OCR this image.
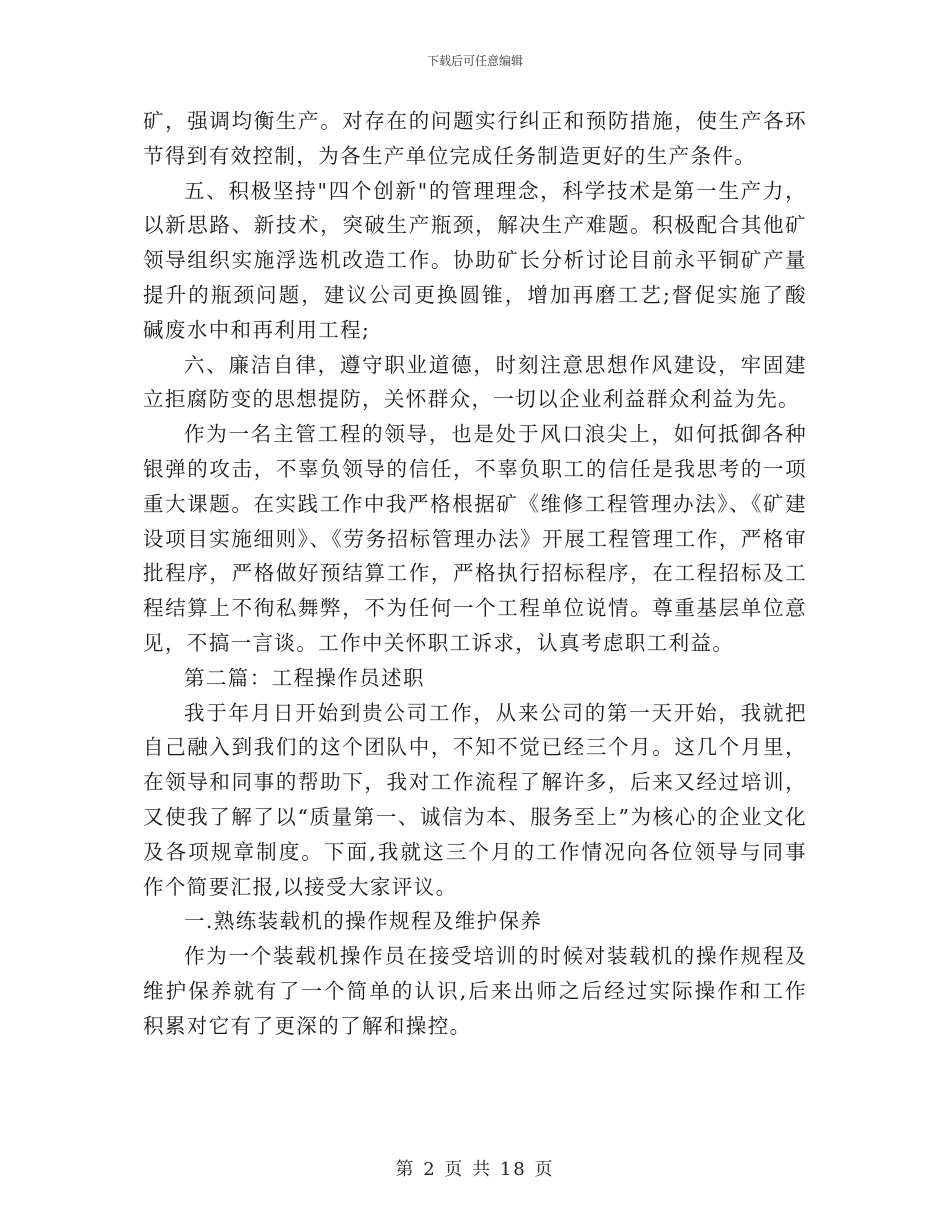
下载后可任意编辑

矿，强调均衡生产。对存在的问题实行纠正和预防措施，使生产各环节得到有效控制，为各生产单位完成任务制造更好的生产条件。

五、积极坚持"四个创新"的管理理念，科学技术是第一生产力，以新思路、新技术，突破生产瓶颈，解决生产难题。积极配合其他矿领导组织实施浮选机改造工作。协助矿长分析讨论目前永平铜矿产量提升的瓶颈问题，建议公司更换圆锥，增加再磨工艺;督促实施了酸碱废水中和再利用工程;

六、廉洁自律，遵守职业道德，时刻注意思想作风建设，牢固建立拒腐防变的思想提防，关怀群众，一切以企业利益群众利益为先。

作为一名主管工程的领导，也是处于风口浪尖上，如何抵御各种银弹的攻击，不辜负领导的信任，不辜负职工的信任是我思考的一项重大课题。在实践工作中我严格根据矿《维修工程管理办法》、《矿建设项目实施细则》、《劳务招标管理办法》开展工程管理工作，严格审批程序，严格做好预结算工作，严格执行招标程序，在工程招标及工程结算上不徇私舞弊，不为任何一个工程单位说情。尊重基层单位意见，不搞一言谈。工作中关怀职工诉求，认真考虑职工利益。

第二篇：工程操作员述职

我于年月日开始到贵公司工作，从来公司的第一天开始，我就把自己融入到我们的这个团队中，不知不觉已经三个月。这几个月里，在领导和同事的帮助下，我对工作流程了解许多，后来又经过培训，又使我了解了以“质量第一、诚信为本、服务至上”为核心的企业文化及各项规章制度。下面,我就这三个月的工作情况向各位领导与同事作个简要汇报,以接受大家评议。

一.熟练装载机的操作规程及维护保养

作为一个装载机操作员在接受培训的时候对装载机的操作规程及维护保养就有了一个简单的认识,后来出师之后经过实际操作和工作积累对它有了更深的了解和操控。

第 2 页 共 18 页
